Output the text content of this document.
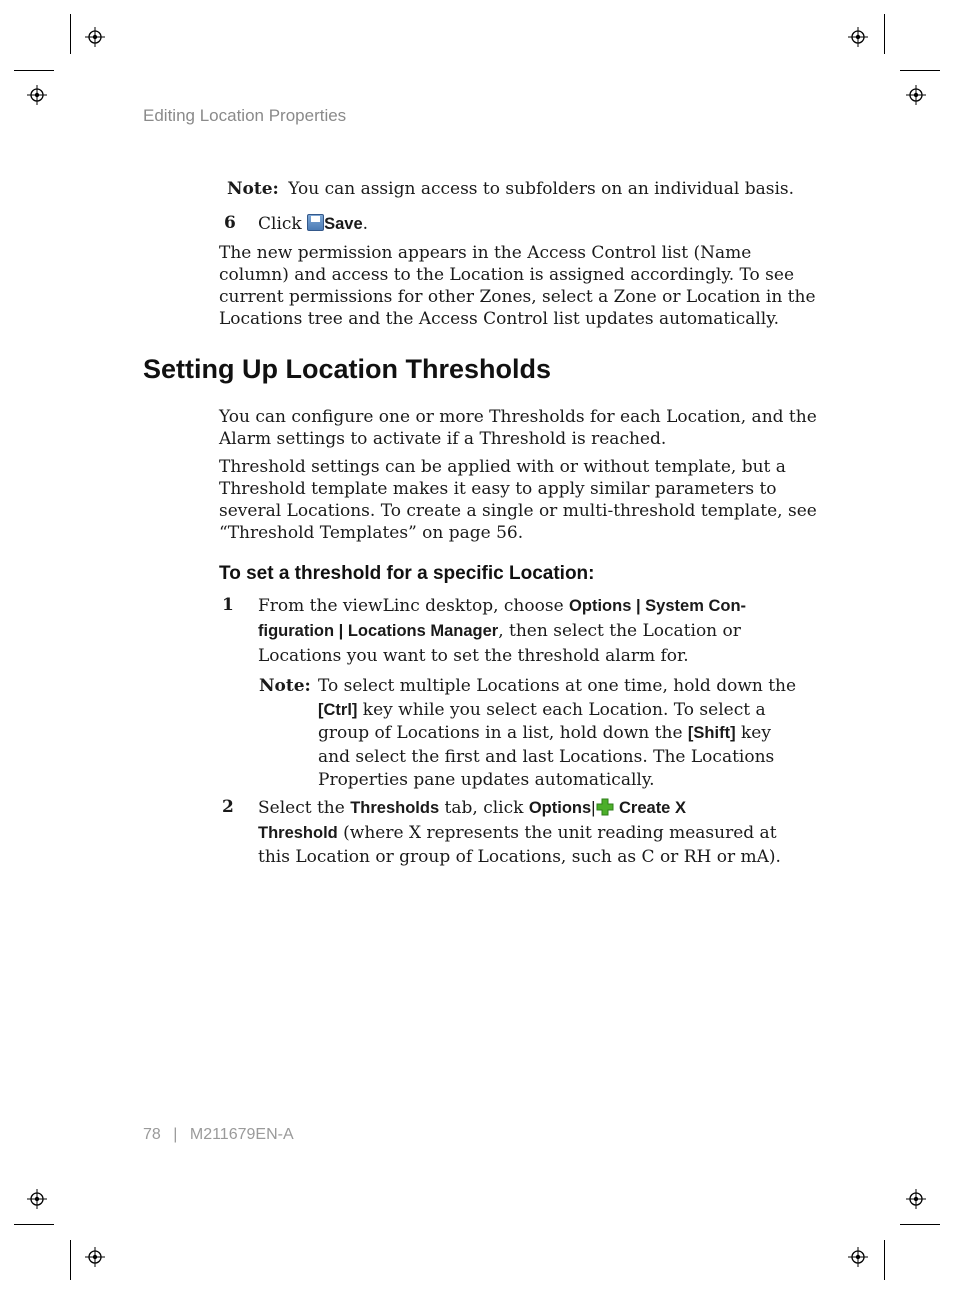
Editing Location Properties
Note: You can assign access to subfolders on an individual basis.
6 Click Save.
The new permission appears in the Access Control list (Name
column) and access to the Location is assigned accordingly. To see
current permissions for other Zones, select a Zone or Location in the
Locations tree and the Access Control list updates automatically.
Setting Up Location Thresholds
You can configure one or more Thresholds for each Location, and the
Alarm settings to activate if a Threshold is reached.
Threshold settings can be applied with or without template, but a
Threshold template makes it easy to apply similar parameters to
several Locations. To create a single or multi-threshold template, see
“Threshold Templates” on page 56.
To set a threshold for a specific Location:
1 From the viewLinc desktop, choose Options | System Con-
figuration | Locations Manager, then select the Location or
Locations you want to set the threshold alarm for.
Note: To select multiple Locations at one time, hold down the
[Ctrl] key while you select each Location. To select a
group of Locations in a list, hold down the [Shift] key
and select the first and last Locations. The Locations
Properties pane updates automatically.
2 Select the Thresholds tab, click Options| Create X
Threshold (where X represents the unit reading measured at
this Location or group of Locations, such as C or RH or mA).
78 | M211679EN-A
